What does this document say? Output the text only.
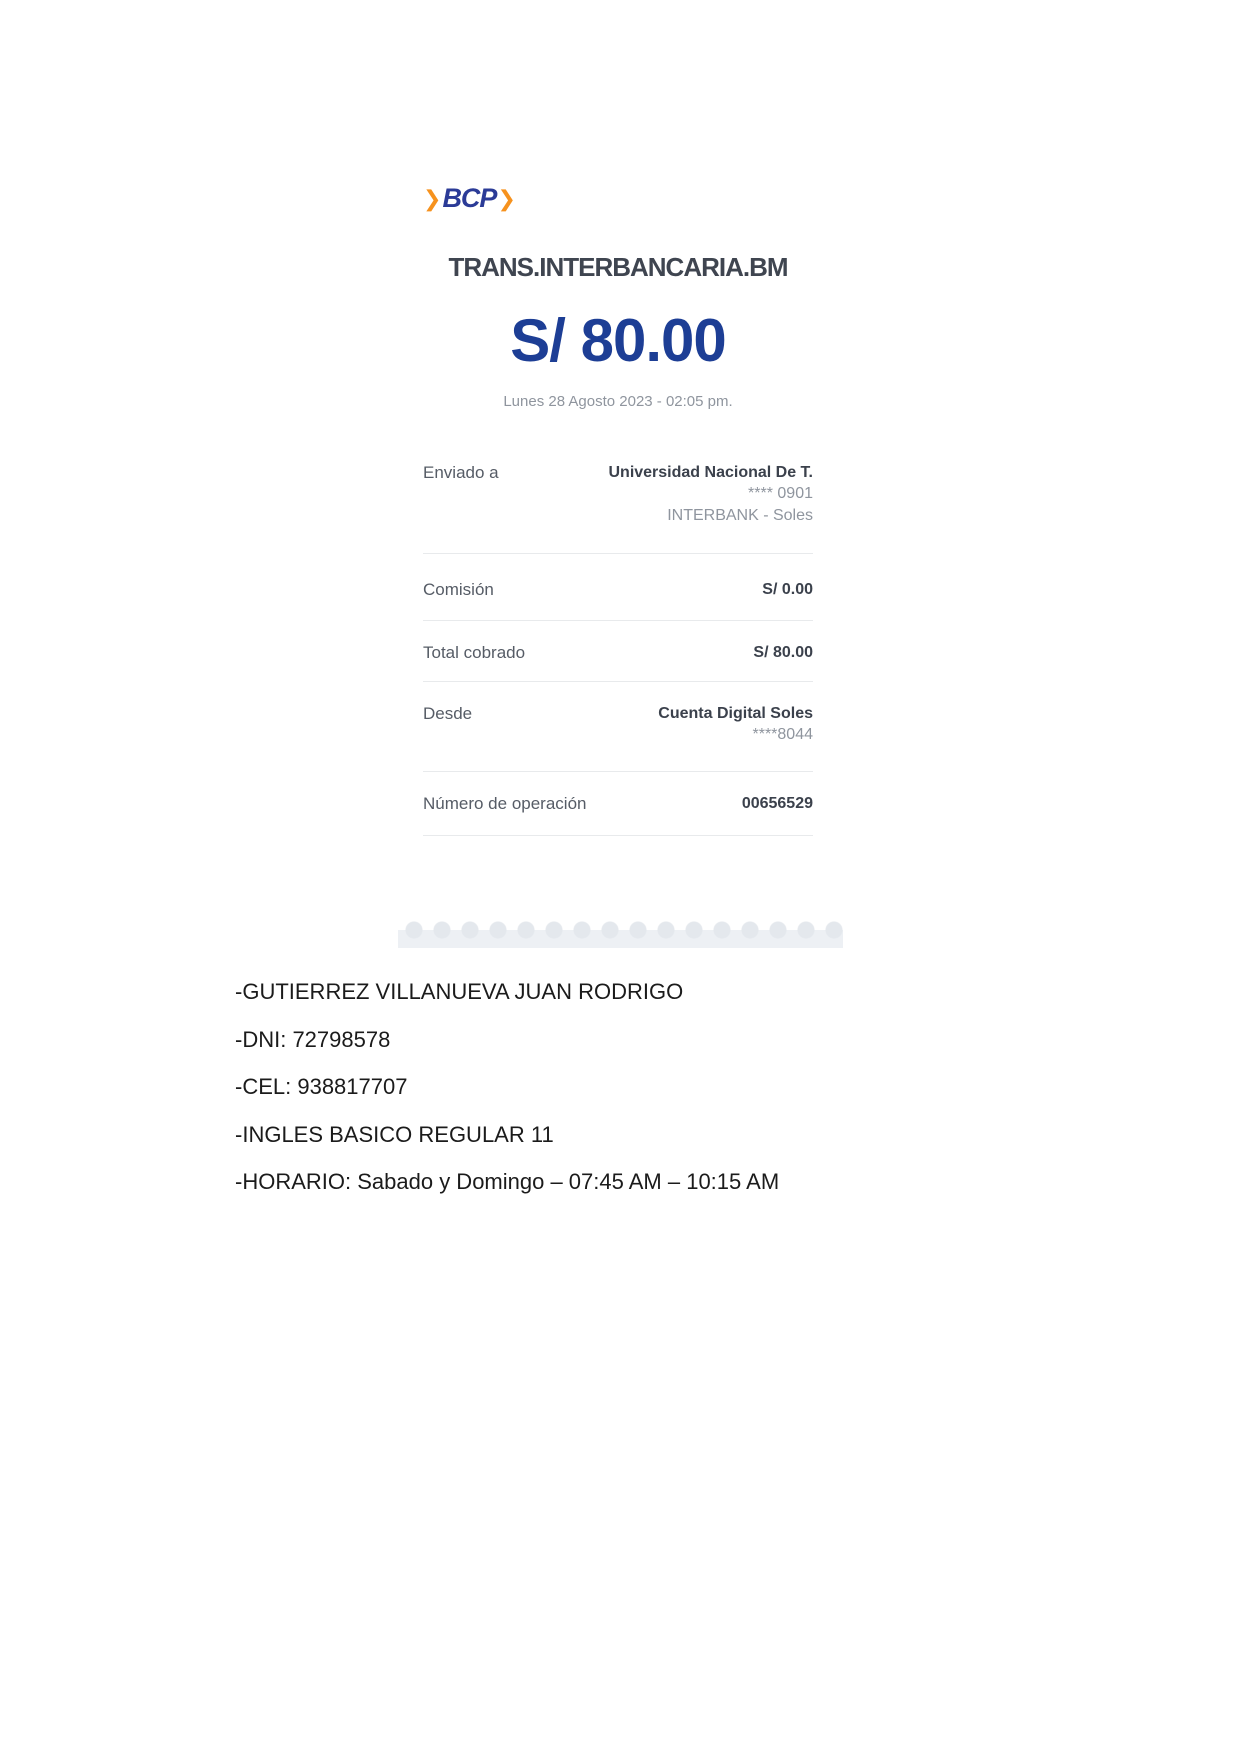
❯BCP❯
TRANS.INTERBANCARIA.BM
S/ 80.00
Lunes 28 Agosto 2023 - 02:05 pm.
Enviado a	Universidad Nacional De T.
**** 0901
INTERBANK - Soles
Comisión	S/ 0.00
Total cobrado	S/ 80.00
Desde	Cuenta Digital Soles
****8044
Número de operación	00656529

-GUTIERREZ VILLANUEVA JUAN RODRIGO

-DNI: 72798578

-CEL: 938817707

-INGLES BASICO REGULAR 11

-HORARIO: Sabado y Domingo – 07:45 AM – 10:15 AM
